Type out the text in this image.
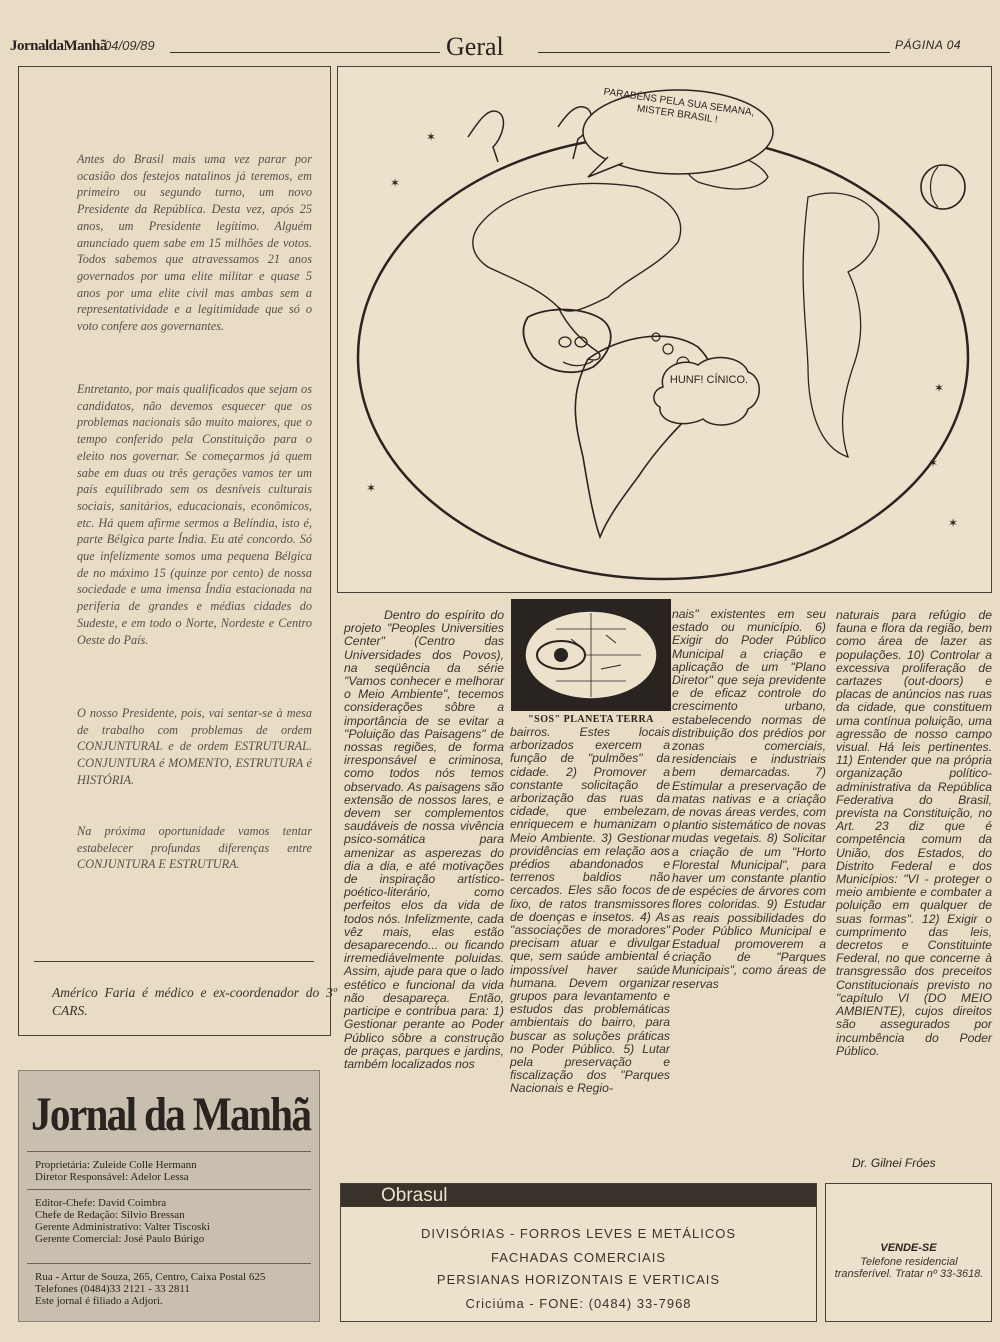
JornaldaManhã
04/09/89	Geral	PÁGINA 04

Antes do Brasil mais uma vez parar por ocasião dos festejos natalinos já teremos, em primeiro ou segundo turno, um novo Presidente da República. Desta vez, após 25 anos, um Presidente legítimo. Alguém anunciado quem sabe em 15 milhões de votos. Todos sabemos que atravessamos 21 anos governados por uma elite militar e quase 5 anos por uma elite civil mas ambas sem a representatividade e a legitimidade que só o voto confere aos governantes.

Entretanto, por mais qualificados que sejam os candidatos, não devemos esquecer que os problemas nacionais são muito maiores, que o tempo conferido pela Constituição para o eleito nos governar. Se começarmos já quem sabe em duas ou três gerações vamos ter um país equilibrado sem os desníveis culturais sociais, sanitários, educacionais, econômicos, etc. Há quem afirme sermos a Belíndia, isto é, parte Bélgica parte Índia. Eu até concordo. Só que infelizmente somos uma pequena Bélgica de no máximo 15 (quinze por cento) de nossa sociedade e uma imensa Índia estacionada na periferia de grandes e médias cidades do Sudeste, e em todo o Norte, Nordeste e Centro Oeste do País.

O nosso Presidente, pois, vai sentar-se à mesa de trabalho com problemas de ordem CONJUNTURAL e de ordem ESTRUTURAL. CONJUNTURA é MOMENTO, ESTRUTURA é HISTÓRIA.

Na próxima oportunidade vamos tentar estabelecer profundas diferenças entre CONJUNTURA E ESTRUTURA.

Américo Faria é médico e ex-coordenador do 3º CARS.
Jornal da Manhã
Proprietária: Zuleide Colle Hermann
Diretor Responsável: Adelor Lessa
Editor-Chefe: David Coimbra
Chefe de Redação: Silvio Bressan
Gerente Administrativo: Valter Tiscoski
Gerente Comercial: José Paulo Búrigo
Rua - Artur de Souza, 265, Centro, Caixa Postal 625
Telefones (0484)33 2121 - 33 2811
Este jornal é filiado a Adjori.
✶
✶
✶
✶
✶
✶
PARABÉNS PELA SUA SEMANA, MISTER BRASIL !
HUNF! CÍNICO.
"SOS" PLANETA TERRA

Dentro do espírito do projeto "Peoples Universities Center" (Centro das Universidades dos Povos), na seqüência da série "Vamos conhecer e melhorar o Meio Ambiente", tecemos considerações sôbre a importância de se evitar a "Poluição das Paisagens" de nossas regiões, de forma irresponsável e criminosa, como todos nós temos observado. As paisagens são extensão de nossos lares, e devem ser complementos saudáveis de nossa vivência psico-somática para amenizar as asperezas do dia a dia, e até motivações de inspiração artístico-poético-literário, como perfeitos elos da vida de todos nós. Infelizmente, cada vêz mais, elas estão desaparecendo... ou ficando irremediávelmente poluidas. Assim, ajude para que o lado estético e funcional da vida não desapareça. Então, participe e contribua para: 1) Gestionar perante ao Poder Público sôbre a construção de praças, parques e jardins, também localizados nos

bairros. Estes locais arborizados exercem a função de "pulmões" da cidade. 2) Promover a constante solicitação de arborização das ruas da cidade, que embelezam, enriquecem e humanizam o Meio Ambiente. 3) Gestionar providências em relação aos prédios abandonados e terrenos baldios não cercados. Eles são focos de lixo, de ratos transmissores de doenças e insetos. 4) As "associações de moradores" precisam atuar e divulgar que, sem saúde ambiental é impossível haver saúde humana. Devem organizar grupos para levantamento e estudos das problemáticas ambientais do bairro, para buscar as soluções práticas no Poder Público. 5) Lutar pela preservação e fiscalização dos "Parques Nacionais e Regio-

nais" existentes em seu estado ou município. 6) Exigir do Poder Público Municipal a criação e aplicação de um "Plano Diretor" que seja previdente e de eficaz controle do crescimento urbano, estabelecendo normas de distribuição dos prédios por zonas comerciais, residenciais e industriais bem demarcadas. 7) Estimular a preservação de matas nativas e a criação de novas áreas verdes, com plantio sistemático de novas mudas vegetais. 8) Solicitar a criação de um "Horto Florestal Municipal", para haver um constante plantio de espécies de árvores com flores coloridas. 9) Estudar as reais possibilidades do Poder Público Municipal e Estadual promoverem a criação de "Parques Municipais", como áreas de reservas

naturais para refúgio de fauna e flora da região, bem como área de lazer as populações. 10) Controlar a excessiva proliferação de cartazes (out-doors) e placas de anúncios nas ruas da cidade, que constituem uma contínua poluição, uma agressão de nosso campo visual. Há leis pertinentes. 11) Entender que na própria organização político-administrativa da República Federativa do Brasil, prevista na Constituição, no Art. 23 diz que é competência comum da União, dos Estados, do Distrito Federal e dos Municípios: "VI - proteger o meio ambiente e combater a poluição em qualquer de suas formas". 12) Exigir o cumprimento das leis, decretos e Constituinte Federal, no que concerne à transgressão dos preceitos Constitucionais previsto no "capítulo VI (DO MEIO AMBIENTE), cujos direitos são assegurados por incumbência do Poder Público.

Dr. Gilnei Fróes
Obrasul
DIVISÓRIAS - FORROS LEVES E METÁLICOS
FACHADAS COMERCIAIS
PERSIANAS HORIZONTAIS E VERTICAIS
Criciúma - FONE: (0484) 33-7968
VENDE-SE
Telefone residencial transferível. Tratar nº 33-3618.
